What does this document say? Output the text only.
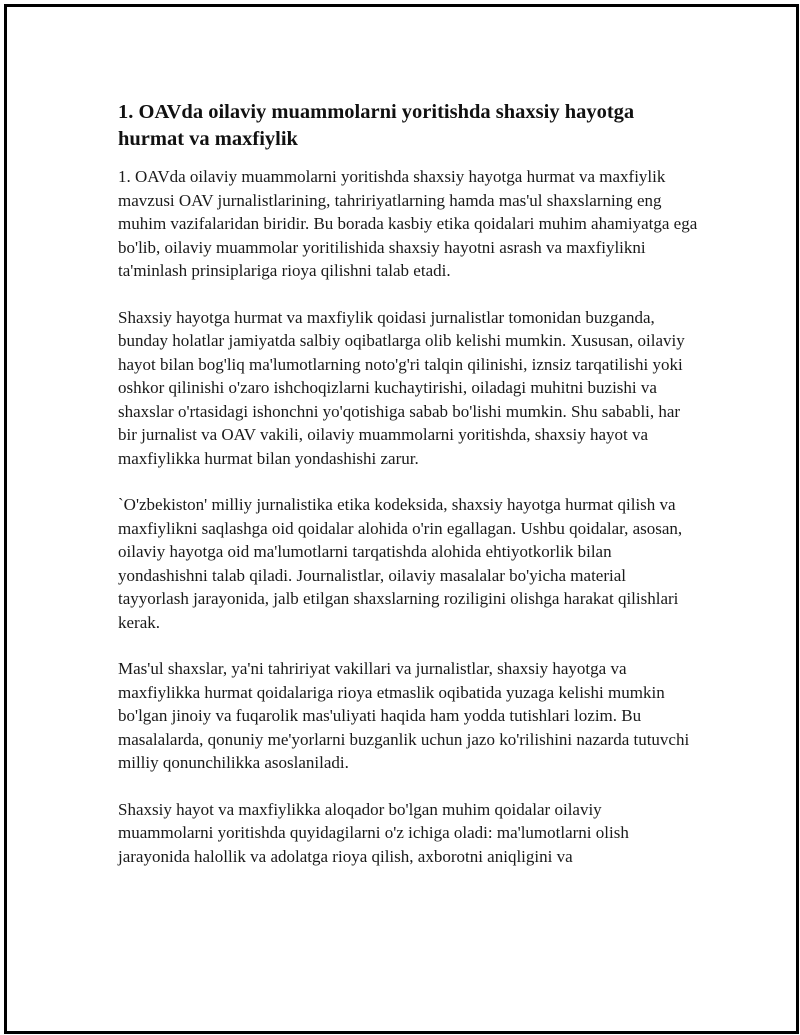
1. OAVda oilaviy muammolarni yoritishda shaxsiy hayotga hurmat va maxfiylik

1. OAVda oilaviy muammolarni yoritishda shaxsiy hayotga hurmat va maxfiylik mavzusi OAV jurnalistlarining, tahririyatlarning hamda mas'ul shaxslarning eng muhim vazifalaridan biridir. Bu borada kasbiy etika qoidalari muhim ahamiyatga ega bo'lib, oilaviy muammolar yoritilishida shaxsiy hayotni asrash va maxfiylikni ta'minlash prinsiplariga rioya qilishni talab etadi.

Shaxsiy hayotga hurmat va maxfiylik qoidasi jurnalistlar tomonidan buzganda, bunday holatlar jamiyatda salbiy oqibatlarga olib kelishi mumkin. Xususan, oilaviy hayot bilan bog'liq ma'lumotlarning noto'g'ri talqin qilinishi, iznsiz tarqatilishi yoki oshkor qilinishi o'zaro ishchoqizlarni kuchaytirishi, oiladagi muhitni buzishi va shaxslar o'rtasidagi ishonchni yo'qotishiga sabab bo'lishi mumkin. Shu sababli, har bir jurnalist va OAV vakili, oilaviy muammolarni yoritishda, shaxsiy hayot va maxfiylikka hurmat bilan yondashishi zarur.

`O'zbekiston' milliy jurnalistika etika kodeksida, shaxsiy hayotga hurmat qilish va maxfiylikni saqlashga oid qoidalar alohida o'rin egallagan. Ushbu qoidalar, asosan, oilaviy hayotga oid ma'lumotlarni tarqatishda alohida ehtiyotkorlik bilan yondashishni talab qiladi. Journalistlar, oilaviy masalalar bo'yicha material tayyorlash jarayonida, jalb etilgan shaxslarning roziligini olishga harakat qilishlari kerak.

Mas'ul shaxslar, ya'ni tahririyat vakillari va jurnalistlar, shaxsiy hayotga va maxfiylikka hurmat qoidalariga rioya etmaslik oqibatida yuzaga kelishi mumkin bo'lgan jinoiy va fuqarolik mas'uliyati haqida ham yodda tutishlari lozim. Bu masalalarda, qonuniy me'yorlarni buzganlik uchun jazo ko'rilishini nazarda tutuvchi milliy qonunchilikka asoslaniladi.

Shaxsiy hayot va maxfiylikka aloqador bo'lgan muhim qoidalar oilaviy muammolarni yoritishda quyidagilarni o'z ichiga oladi: ma'lumotlarni olish jarayonida halollik va adolatga rioya qilish, axborotni aniqligini va
